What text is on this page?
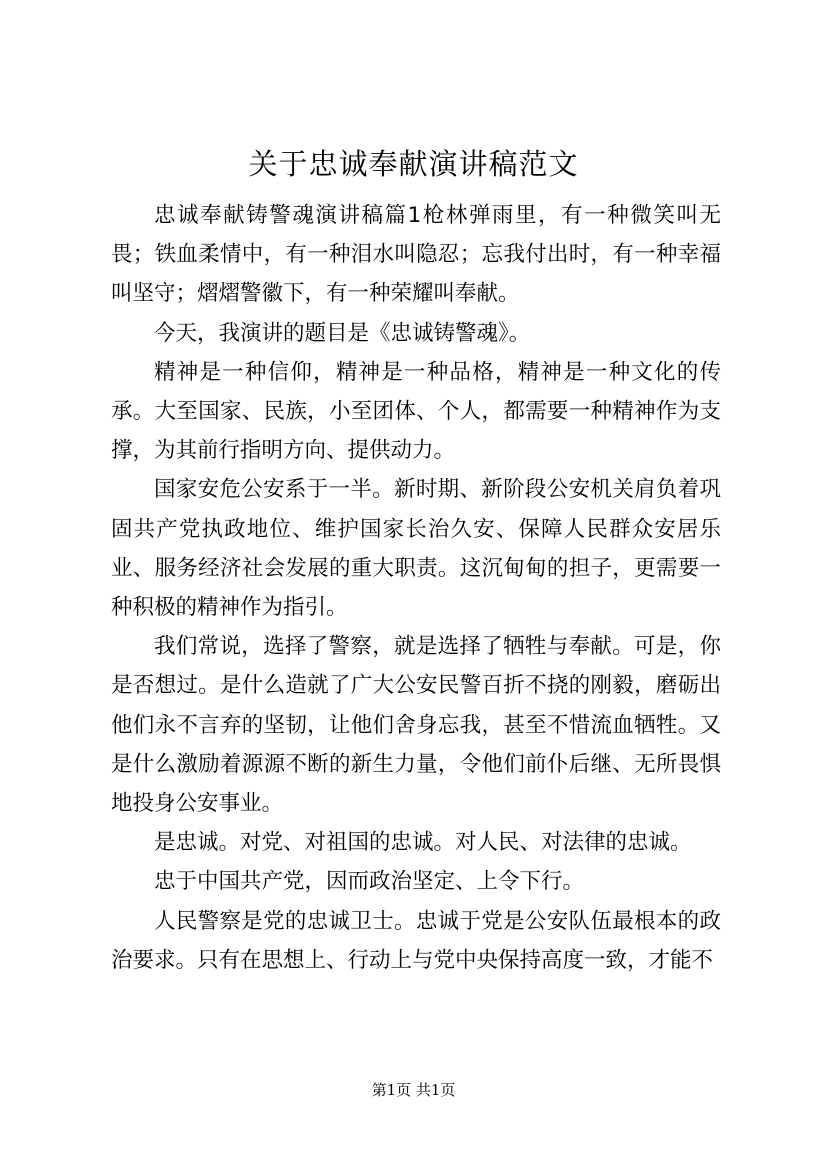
关于忠诚奉献演讲稿范文

忠诚奉献铸警魂演讲稿篇1枪林弹雨里，有一种微笑叫无畏；铁血柔情中，有一种泪水叫隐忍；忘我付出时，有一种幸福叫坚守；熠熠警徽下，有一种荣耀叫奉献。

今天，我演讲的题目是《忠诚铸警魂》。

精神是一种信仰，精神是一种品格，精神是一种文化的传承。大至国家、民族，小至团体、个人，都需要一种精神作为支撑，为其前行指明方向、提供动力。

国家安危公安系于一半。新时期、新阶段公安机关肩负着巩固共产党执政地位、维护国家长治久安、保障人民群众安居乐业、服务经济社会发展的重大职责。这沉甸甸的担子，更需要一种积极的精神作为指引。

我们常说，选择了警察，就是选择了牺牲与奉献。可是，你是否想过。是什么造就了广大公安民警百折不挠的刚毅，磨砺出他们永不言弃的坚韧，让他们舍身忘我，甚至不惜流血牺牲。又是什么激励着源源不断的新生力量，令他们前仆后继、无所畏惧地投身公安事业。

是忠诚。对党、对祖国的忠诚。对人民、对法律的忠诚。

忠于中国共产党，因而政治坚定、上令下行。

人民警察是党的忠诚卫士。忠诚于党是公安队伍最根本的政治要求。只有在思想上、行动上与党中央保持高度一致，才能不

第1页 共1页
